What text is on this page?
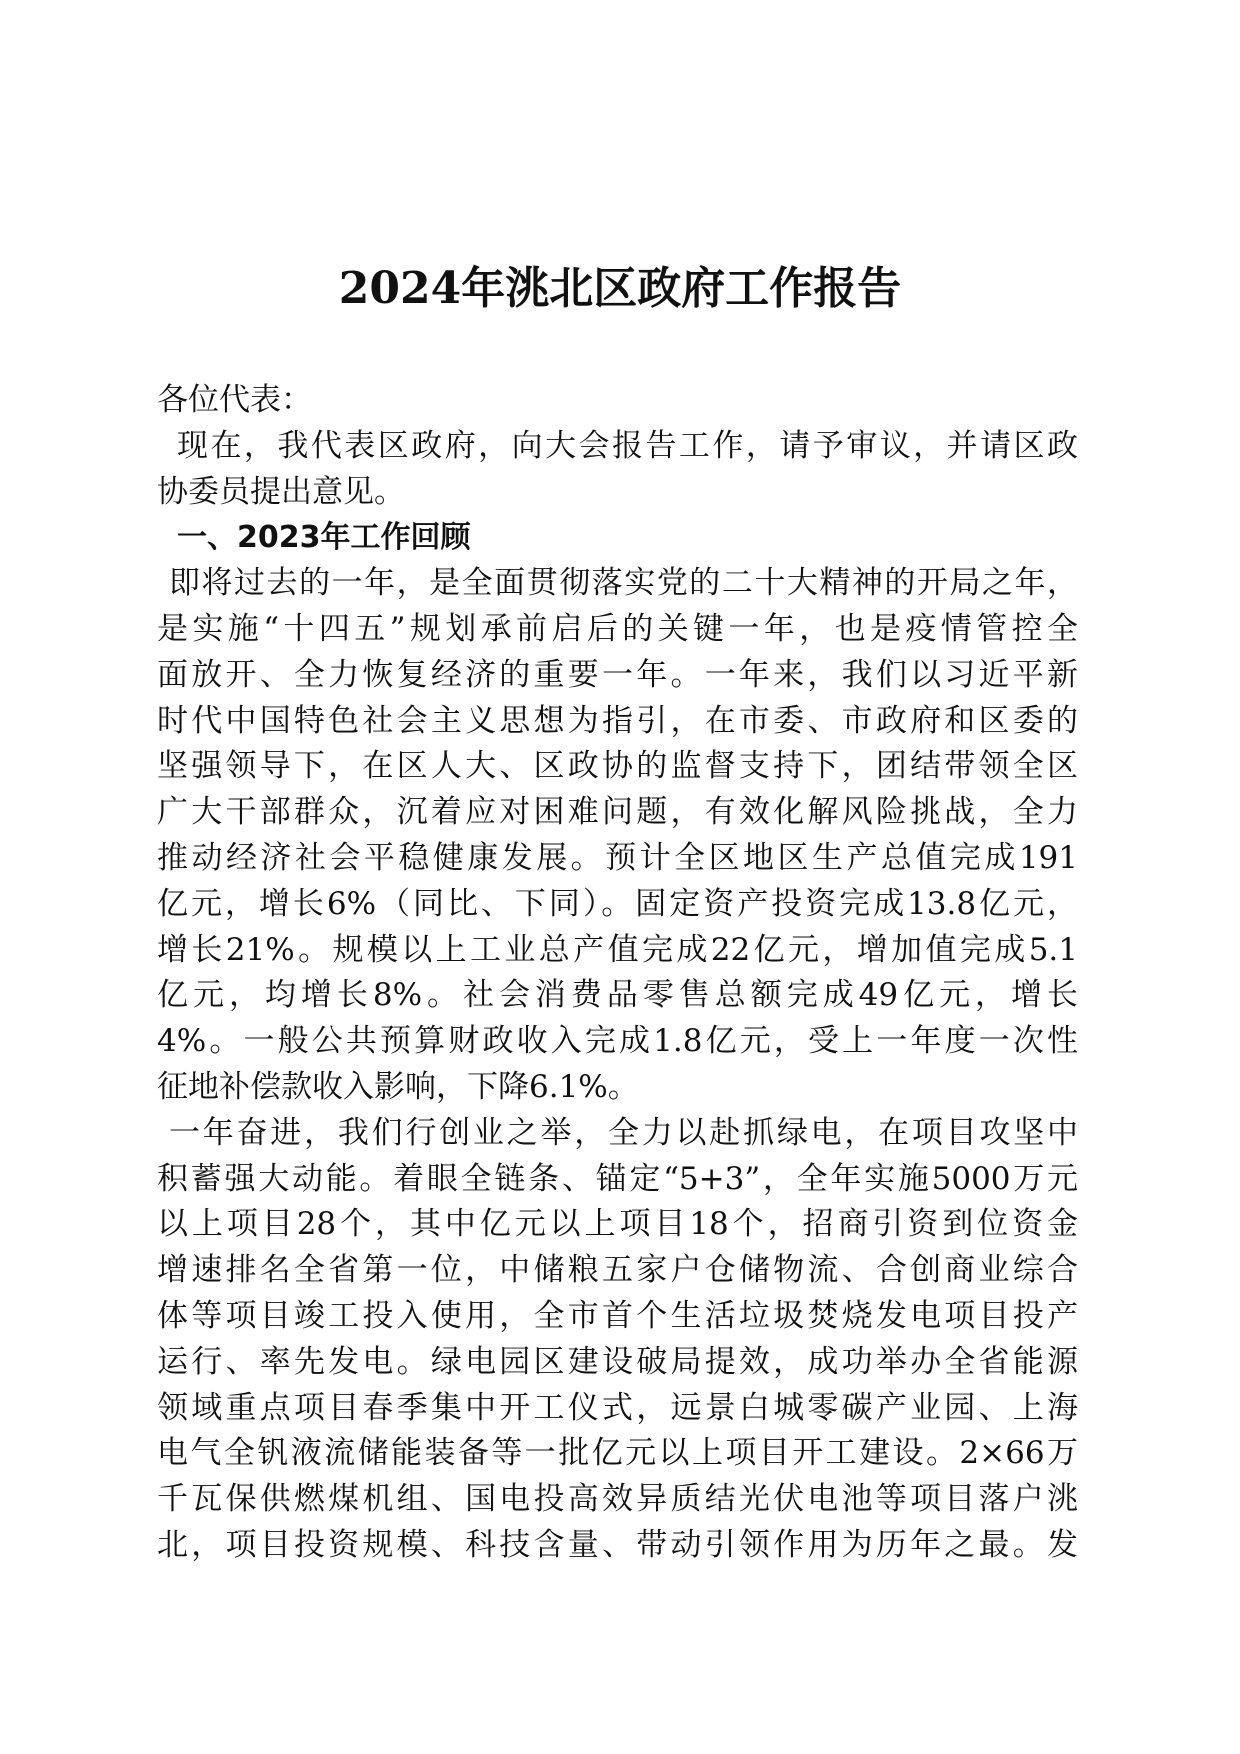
2024年洮北区政府工作报告
各位代表：
现在，我代表区政府，向大会报告工作，请予审议，并请区政
协委员提出意见。
一、2023年工作回顾
即将过去的一年，是全面贯彻落实党的二十大精神的开局之年，
是实施“十四五”规划承前启后的关键一年，也是疫情管控全
面放开、全力恢复经济的重要一年。一年来，我们以习近平新
时代中国特色社会主义思想为指引，在市委、市政府和区委的
坚强领导下，在区人大、区政协的监督支持下，团结带领全区
广大干部群众，沉着应对困难问题，有效化解风险挑战，全力
推动经济社会平稳健康发展。预计全区地区生产总值完成191
亿元，增长6%（同比、下同）。固定资产投资完成13.8亿元，
增长21%。规模以上工业总产值完成22亿元，增加值完成5.1
亿元，均增长8%。社会消费品零售总额完成49亿元，增长
4%。一般公共预算财政收入完成1.8亿元，受上一年度一次性
征地补偿款收入影响，下降6.1%。
一年奋进，我们行创业之举，全力以赴抓绿电，在项目攻坚中
积蓄强大动能。着眼全链条、锚定“5+3”，全年实施5000万元
以上项目28个，其中亿元以上项目18个，招商引资到位资金
增速排名全省第一位，中储粮五家户仓储物流、合创商业综合
体等项目竣工投入使用，全市首个生活垃圾焚烧发电项目投产
运行、率先发电。绿电园区建设破局提效，成功举办全省能源
领域重点项目春季集中开工仪式，远景白城零碳产业园、上海
电气全钒液流储能装备等一批亿元以上项目开工建设。2×66万
千瓦保供燃煤机组、国电投高效异质结光伏电池等项目落户洮
北，项目投资规模、科技含量、带动引领作用为历年之最。发
